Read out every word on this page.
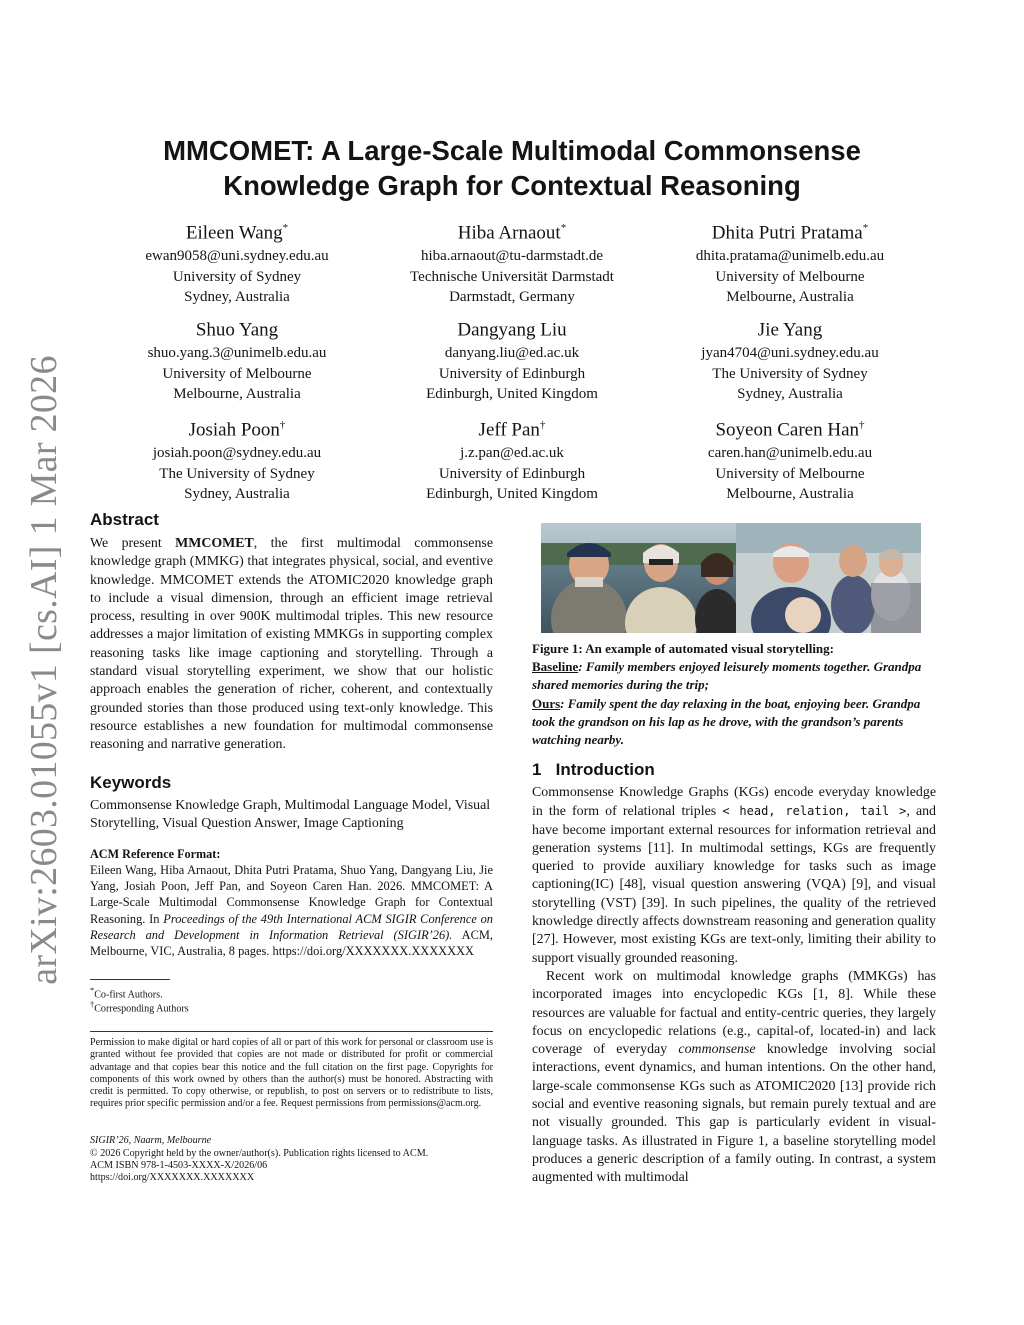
arXiv:2603.01055v1 [cs.AI] 1 Mar 2026
MMCOMET: A Large-Scale Multimodal Commonsense Knowledge Graph for Contextual Reasoning
Eileen Wang*
ewan9058@uni.sydney.edu.au
University of Sydney
Sydney, Australia
Hiba Arnaout*
hiba.arnaout@tu-darmstadt.de
Technische Universität Darmstadt
Darmstadt, Germany
Dhita Putri Pratama*
dhita.pratama@unimelb.edu.au
University of Melbourne
Melbourne, Australia
Shuo Yang
shuo.yang.3@unimelb.edu.au
University of Melbourne
Melbourne, Australia
Dangyang Liu
danyang.liu@ed.ac.uk
University of Edinburgh
Edinburgh, United Kingdom
Jie Yang
jyan4704@uni.sydney.edu.au
The University of Sydney
Sydney, Australia
Josiah Poon†
josiah.poon@sydney.edu.au
The University of Sydney
Sydney, Australia
Jeff Pan†
j.z.pan@ed.ac.uk
University of Edinburgh
Edinburgh, United Kingdom
Soyeon Caren Han†
caren.han@unimelb.edu.au
University of Melbourne
Melbourne, Australia
Abstract
We present MMCOMET, the first multimodal commonsense knowledge graph (MMKG) that integrates physical, social, and eventive knowledge. MMCOMET extends the ATOMIC2020 knowledge graph to include a visual dimension, through an efficient image retrieval process, resulting in over 900K multimodal triples. This new resource addresses a major limitation of existing MMKGs in supporting complex reasoning tasks like image captioning and storytelling. Through a standard visual storytelling experiment, we show that our holistic approach enables the generation of richer, coherent, and contextually grounded stories than those produced using text-only knowledge. This resource establishes a new foundation for multimodal commonsense reasoning and narrative generation.
Keywords
Commonsense Knowledge Graph, Multimodal Language Model, Visual Storytelling, Visual Question Answer, Image Captioning
ACM Reference Format:
Eileen Wang, Hiba Arnaout, Dhita Putri Pratama, Shuo Yang, Dangyang Liu, Jie Yang, Josiah Poon, Jeff Pan, and Soyeon Caren Han. 2026. MMCOMET: A Large-Scale Multimodal Commonsense Knowledge Graph for Contextual Reasoning. In Proceedings of the 49th International ACM SIGIR Conference on Research and Development in Information Retrieval (SIGIR’26). ACM, Melbourne, VIC, Australia, 8 pages. https://doi.org/XXXXXXX.XXXXXXX
*Co-first Authors.
†Corresponding Authors
Permission to make digital or hard copies of all or part of this work for personal or classroom use is granted without fee provided that copies are not made or distributed for profit or commercial advantage and that copies bear this notice and the full citation on the first page. Copyrights for components of this work owned by others than the author(s) must be honored. Abstracting with credit is permitted. To copy otherwise, or republish, to post on servers or to redistribute to lists, requires prior specific permission and/or a fee. Request permissions from permissions@acm.org.
SIGIR’26, Naarm, Melbourne
© 2026 Copyright held by the owner/author(s). Publication rights licensed to ACM.
ACM ISBN 978-1-4503-XXXX-X/2026/06
https://doi.org/XXXXXXX.XXXXXXX
Figure 1: An example of automated visual storytelling:
Baseline: Family members enjoyed leisurely moments together. Grandpa shared memories during the trip;
Ours: Family spent the day relaxing in the boat, enjoying beer. Grandpa took the grandson on his lap as he drove, with the grandson’s parents watching nearby.
1 Introduction
Commonsense Knowledge Graphs (KGs) encode everyday knowledge in the form of relational triples < head, relation, tail >, and have become important external resources for information retrieval and generation systems [11]. In multimodal settings, KGs are frequently queried to provide auxiliary knowledge for tasks such as image captioning(IC) [48], visual question answering (VQA) [9], and visual storytelling (VST) [39]. In such pipelines, the quality of the retrieved knowledge directly affects downstream reasoning and generation quality [27]. However, most existing KGs are text-only, limiting their ability to support visually grounded reasoning.
Recent work on multimodal knowledge graphs (MMKGs) has incorporated images into encyclopedic KGs [1, 8]. While these resources are valuable for factual and entity-centric queries, they largely focus on encyclopedic relations (e.g., capital-of, located-in) and lack coverage of everyday commonsense knowledge involving social interactions, event dynamics, and human intentions. On the other hand, large-scale commonsense KGs such as ATOMIC2020 [13] provide rich social and eventive reasoning signals, but remain purely textual and are not visually grounded. This gap is particularly evident in visual-language tasks. As illustrated in Figure 1, a baseline storytelling model produces a generic description of a family outing. In contrast, a system augmented with multimodal
